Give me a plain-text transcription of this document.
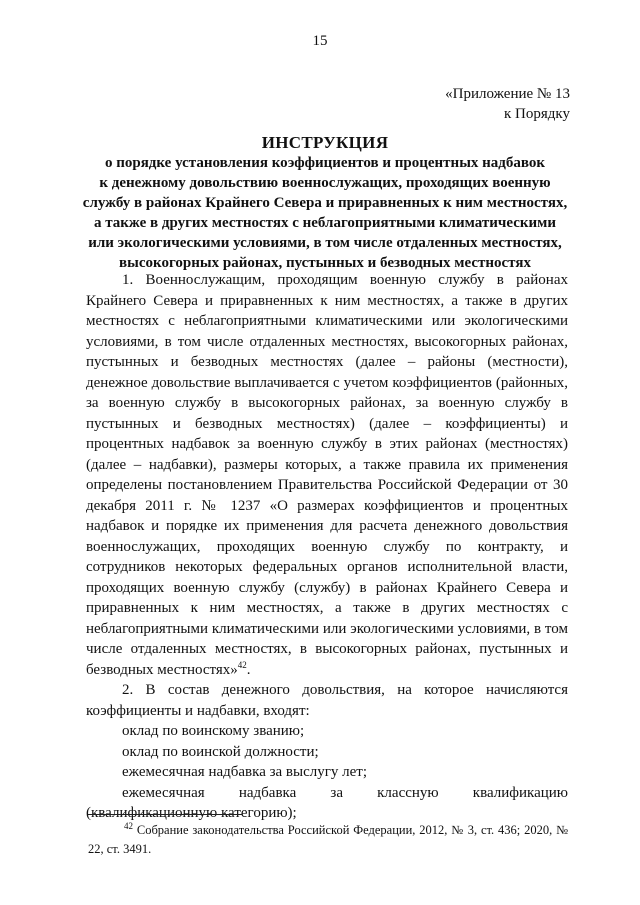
15
«Приложение № 13
к Порядку
ИНСТРУКЦИЯ
о порядке установления коэффициентов и процентных надбавок
к денежному довольствию военнослужащих, проходящих военную
службу в районах Крайнего Севера и приравненных к ним местностях,
а также в других местностях с неблагоприятными климатическими
или экологическими условиями, в том числе отдаленных местностях,
высокогорных районах, пустынных и безводных местностях

1. Военнослужащим, проходящим военную службу в районах Крайнего Севера и приравненных к ним местностях, а также в других местностях с неблагоприятными климатическими или экологическими условиями, в том числе отдаленных местностях, высокогорных районах, пустынных и безводных местностях (далее – районы (местности), денежное довольствие выплачивается с учетом коэффициентов (районных, за военную службу в высокогорных районах, за военную службу в пустынных и безводных местностях) (далее – коэффициенты) и процентных надбавок за военную службу в этих районах (местностях) (далее – надбавки), размеры которых, а также правила их применения определены постановлением Правительства Российской Федерации от 30 декабря 2011 г. № 1237 «О размерах коэффициентов и процентных надбавок и порядке их применения для расчета денежного довольствия военнослужащих, проходящих военную службу по контракту, и сотрудников некоторых федеральных органов исполнительной власти, проходящих военную службу (службу) в районах Крайнего Севера и приравненных к ним местностях, а также в других местностях с неблагоприятными климатическими или экологическими условиями, в том числе отдаленных местностях, в высокогорных районах, пустынных и безводных местностях»$^{42}$.

2. В состав денежного довольствия, на которое начисляются коэффициенты и надбавки, входят:

оклад по воинскому званию;

оклад по воинской должности;

ежемесячная надбавка за выслугу лет;

ежемесячная надбавка за классную квалификацию (квалификационную категорию);

$^{42}$ Собрание законодательства Российской Федерации, 2012, № 3, ст. 436; 2020, № 22, ст. 3491.
